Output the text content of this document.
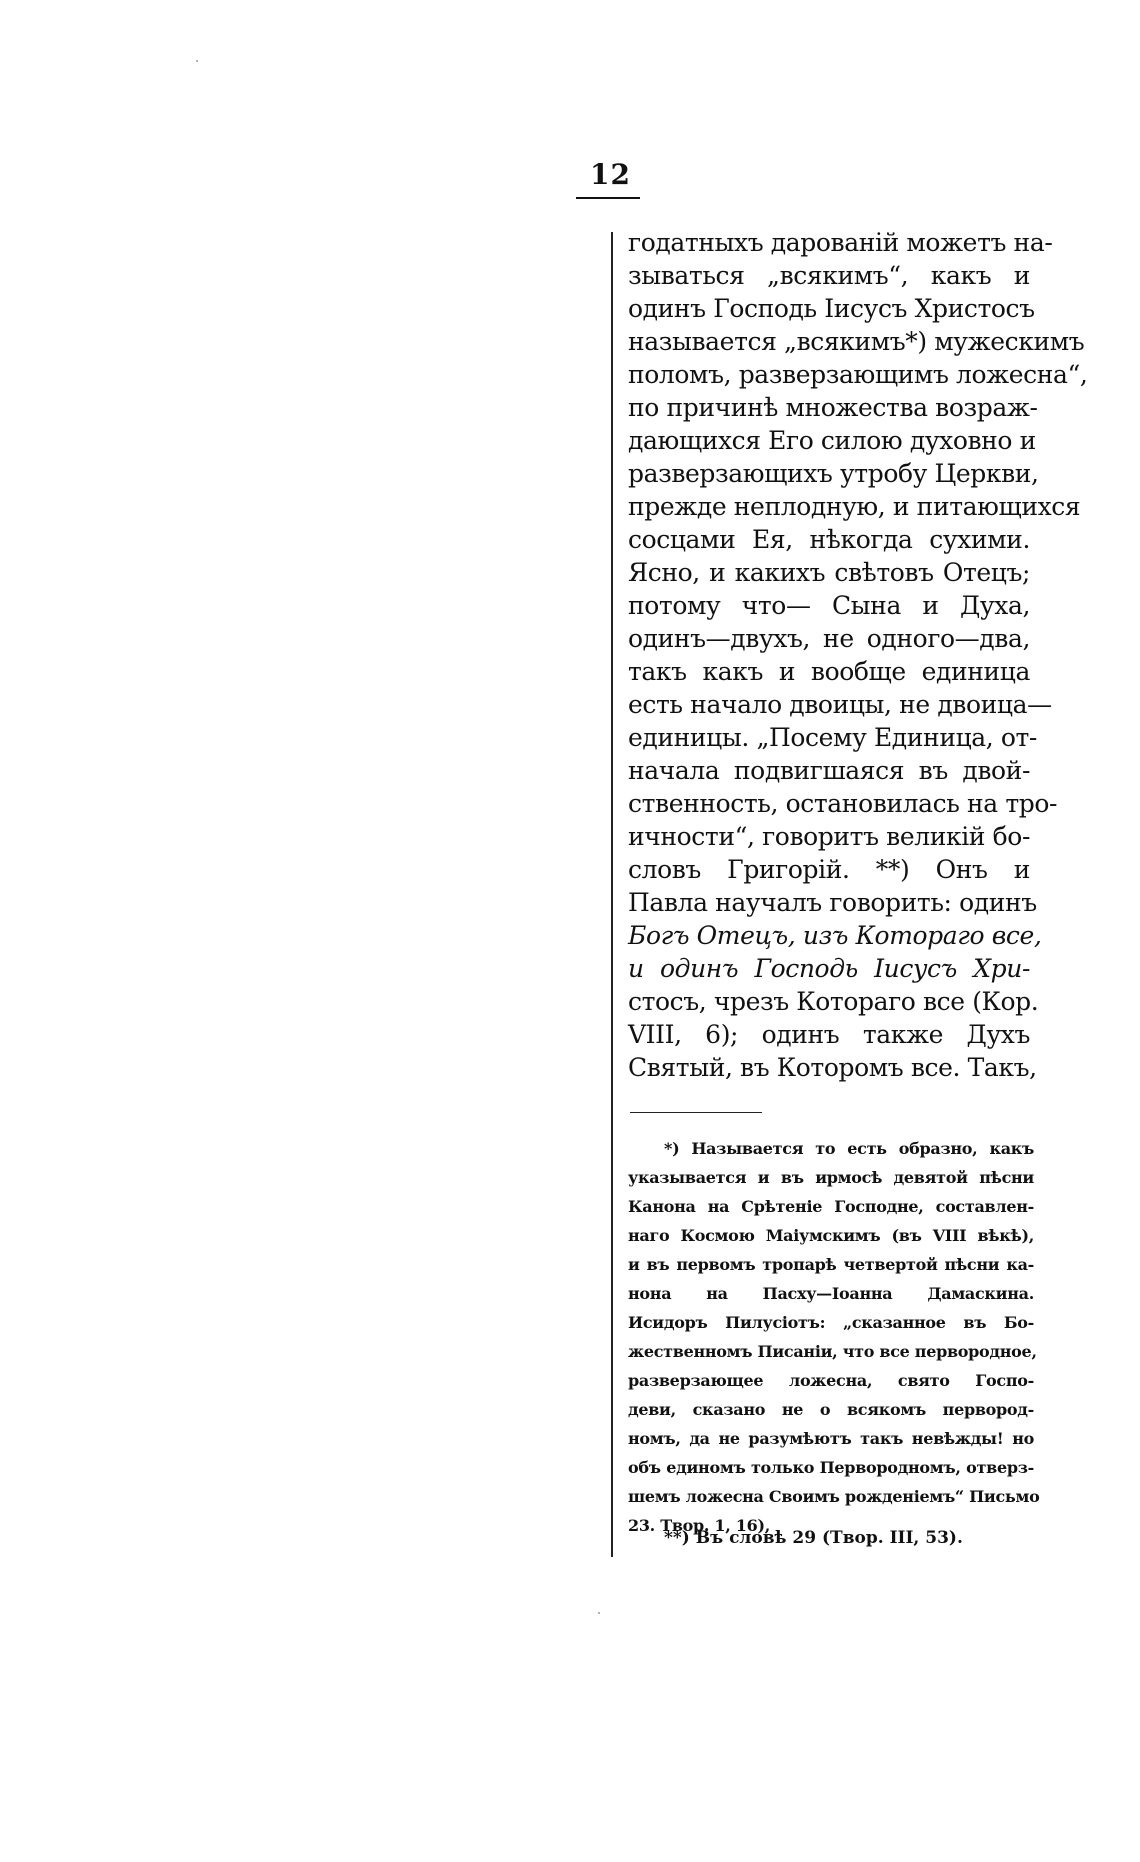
12
годатныхъ дарованій можетъ на-
зываться „всякимъ“, какъ и
одинъ Господь Іисусъ Христосъ
называется „всякимъ*) мужескимъ
поломъ, разверзающимъ ложесна“,
по причинѣ множества возраж-
дающихся Его силою духовно и
разверзающихъ утробу Церкви,
прежде неплодную, и питающихся
сосцами Ея, нѣкогда сухими.
Ясно, и какихъ свѣтовъ Отецъ;
потому что— Сына и Духа,
одинъ—двухъ, не одного—два,
такъ какъ и вообще единица
есть начало двоицы, не двоица—
единицы. „Посему Единица, от-
начала подвигшаяся въ двой-
ственность, остановилась на тро-
ичности“, говоритъ великій бо-
словъ Григорій. **) Онъ и
Павла научалъ говорить: одинъ
Богъ Отецъ, изъ Котораго все,
и одинъ Господь Іисусъ Хри-
стосъ, чрезъ Котораго все (Кор.
VIII, 6); одинъ также Духъ
Святый, въ Которомъ все. Такъ,
*) Называется то есть образно, какъ
указывается и въ ирмосѣ девятой пѣсни
Канона на Срѣтеніе Господне, составлен-
наго Космою Маіумскимъ (въ VIII вѣкѣ),
и въ первомъ тропарѣ четвертой пѣсни ка-
нона на Пасху—Іоанна Дамаскина.
Исидоръ Пилусіотъ: „сказанное въ Бо-
жественномъ Писаніи, что все первородное,
разверзающее ложесна, свято Госпо-
деви, сказано не о всякомъ первород-
номъ, да не разумѣютъ такъ невѣжды! но
объ единомъ только Первородномъ, отверз-
шемъ ложесна Своимъ рожденіемъ“ Письмо
23. Твор. 1, 16),
**) Въ словѣ 29 (Твор. III, 53).
